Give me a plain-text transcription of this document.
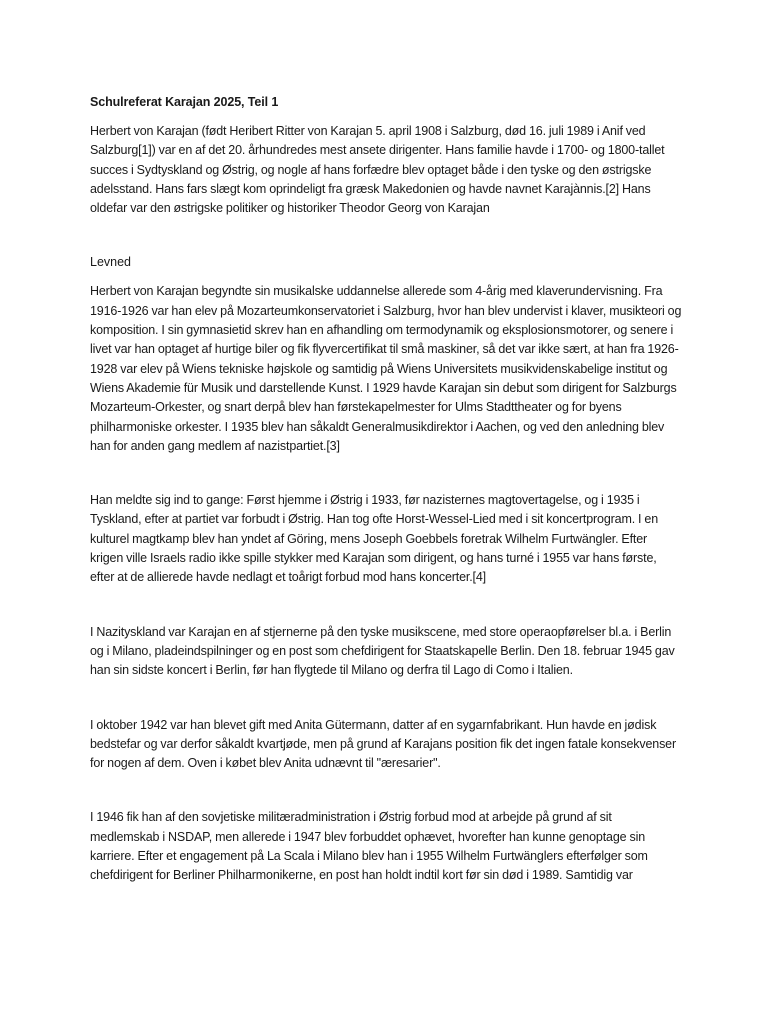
Schulreferat Karajan 2025, Teil 1

Herbert von Karajan (født Heribert Ritter von Karajan 5. april 1908 i Salzburg, død 16. juli 1989 i Anif ved Salzburg[1]) var en af det 20. århundredes mest ansete dirigenter. Hans familie havde i 1700- og 1800-tallet succes i Sydtyskland og Østrig, og nogle af hans forfædre blev optaget både i den tyske og den østrigske adelsstand. Hans fars slægt kom oprindeligt fra græsk Makedonien og havde navnet Karajànnis.[2] Hans oldefar var den østrigske politiker og historiker Theodor Georg von Karajan

Levned

Herbert von Karajan begyndte sin musikalske uddannelse allerede som 4-årig med klaverundervisning. Fra 1916-1926 var han elev på Mozarteumkonservatoriet i Salzburg, hvor han blev undervist i klaver, musikteori og komposition. I sin gymnasietid skrev han en afhandling om termodynamik og eksplosionsmotorer, og senere i livet var han optaget af hurtige biler og fik flyvercertifikat til små maskiner, så det var ikke sært, at han fra 1926-1928 var elev på Wiens tekniske højskole og samtidig på Wiens Universitets musikvidenskabelige institut og Wiens Akademie für Musik und darstellende Kunst. I 1929 havde Karajan sin debut som dirigent for Salzburgs Mozarteum-Orkester, og snart derpå blev han førstekapelmester for Ulms Stadttheater og for byens philharmoniske orkester. I 1935 blev han såkaldt Generalmusikdirektor i Aachen, og ved den anledning blev han for anden gang medlem af nazistpartiet.[3]

Han meldte sig ind to gange: Først hjemme i Østrig i 1933, før nazisternes magtovertagelse, og i 1935 i Tyskland, efter at partiet var forbudt i Østrig. Han tog ofte Horst-Wessel-Lied med i sit koncertprogram. I en kulturel magtkamp blev han yndet af Göring, mens Joseph Goebbels foretrak Wilhelm Furtwängler. Efter krigen ville Israels radio ikke spille stykker med Karajan som dirigent, og hans turné i 1955 var hans første, efter at de allierede havde nedlagt et toårigt forbud mod hans koncerter.[4]

I Nazityskland var Karajan en af stjernerne på den tyske musikscene, med store operaopførelser bl.a. i Berlin og i Milano, pladeindspilninger og en post som chefdirigent for Staatskapelle Berlin. Den 18. februar 1945 gav han sin sidste koncert i Berlin, før han flygtede til Milano og derfra til Lago di Como i Italien.

I oktober 1942 var han blevet gift med Anita Gütermann, datter af en sygarnfabrikant. Hun havde en jødisk bedstefar og var derfor såkaldt kvartjøde, men på grund af Karajans position fik det ingen fatale konsekvenser for nogen af dem. Oven i købet blev Anita udnævnt til "æresarier".

I 1946 fik han af den sovjetiske militæradministration i Østrig forbud mod at arbejde på grund af sit medlemskab i NSDAP, men allerede i 1947 blev forbuddet ophævet, hvorefter han kunne genoptage sin karriere. Efter et engagement på La Scala i Milano blev han i 1955 Wilhelm Furtwänglers efterfølger som chefdirigent for Berliner Philharmonikerne, en post han holdt indtil kort før sin død i 1989. Samtidig var
